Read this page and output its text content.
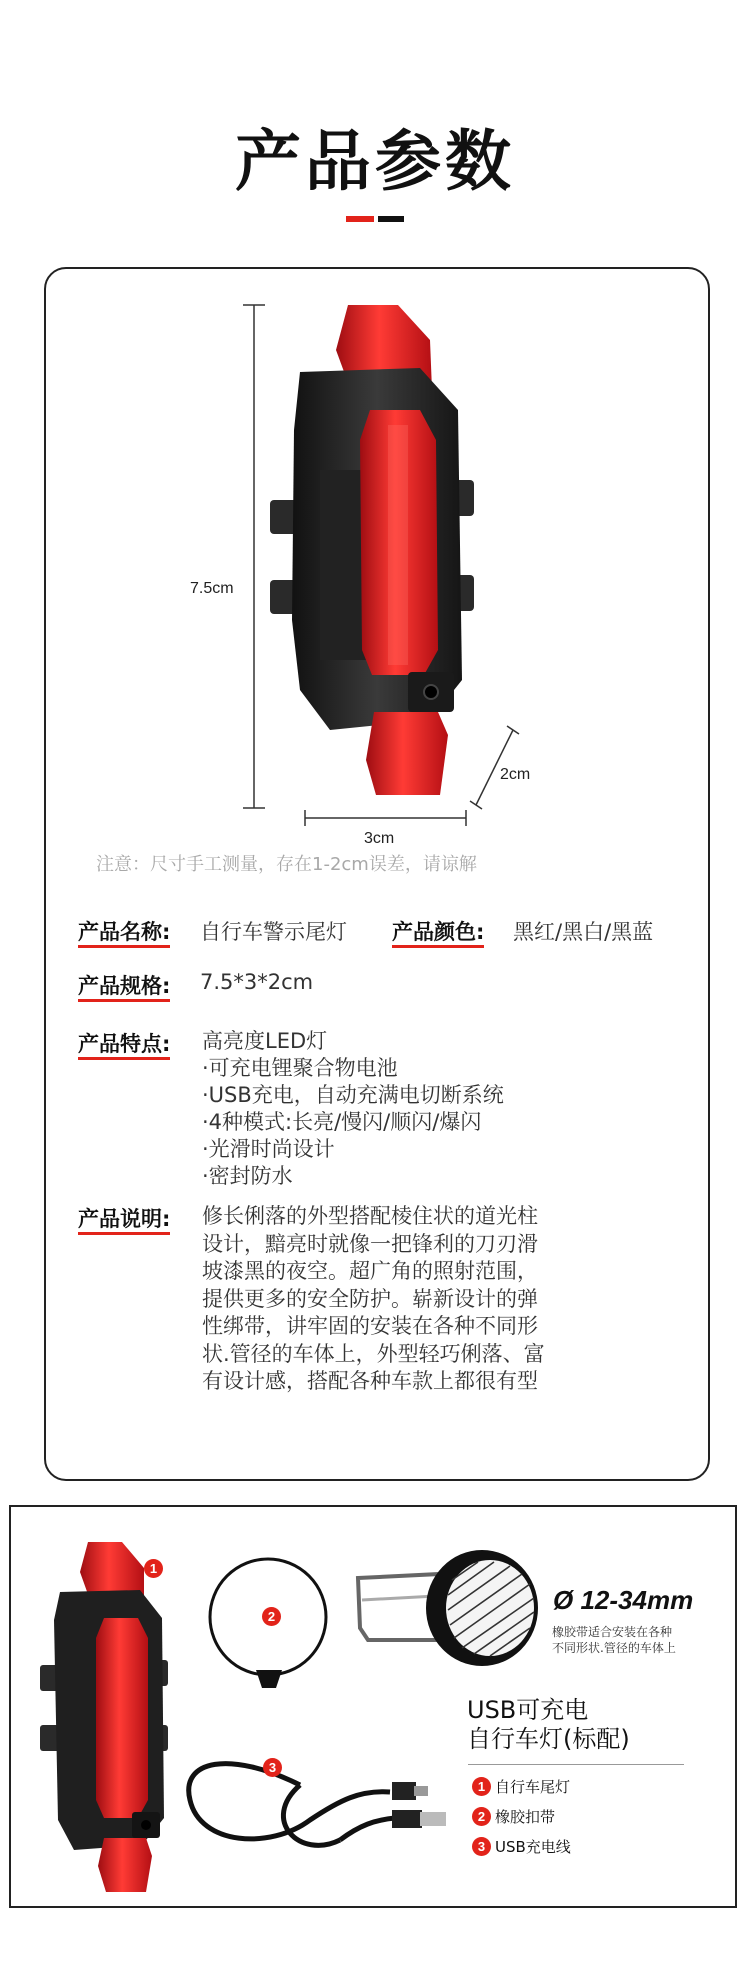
产品参数
7.5cm
3cm
2cm
注意：尺寸手工测量，存在1-2cm误差，请谅解
产品名称: 自行车警示尾灯 产品颜色: 黑红/黑白/黑蓝
产品规格: 7.5*3*2cm
产品特点: 高亮度LED灯
·可充电锂聚合物电池
·USB充电，自动充满电切断系统
·4种模式:长亮/慢闪/顺闪/爆闪
·光滑时尚设计
·密封防水
产品说明: 修长俐落的外型搭配棱住状的道光柱
设计，黯亮时就像一把锋利的刀刃滑
坡漆黑的夜空。超广角的照射范围，
提供更多的安全防护。崭新设计的弹
性绑带，讲牢固的安装在各种不同形
状.管径的车体上，外型轻巧俐落、富
有设计感，搭配各种车款上都很有型
1
2
3
Ø 12-34mm
橡胶带适合安装在各种
不同形状.管径的车体上
USB可充电
自行车灯(标配)
1 自行车尾灯
2 橡胶扣带
3 USB充电线
